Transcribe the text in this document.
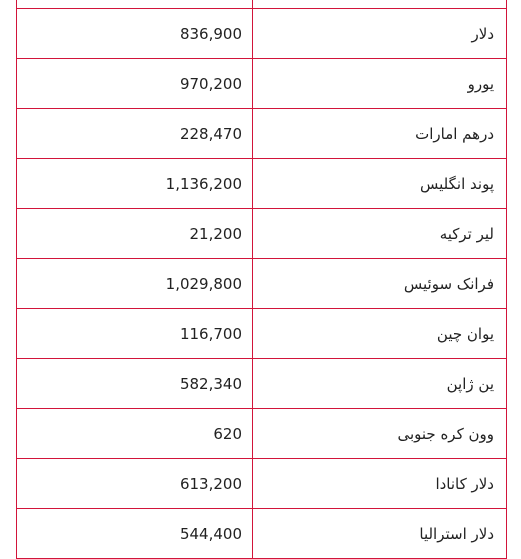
دلار	836,900
یورو	970,200
درهم امارات	228,470
پوند انگلیس	1,136,200
لیر ترکیه	21,200
فرانک سوئیس	1,029,800
یوان چین	116,700
ین ژاپن	582,340
وون کره جنوبی	620
دلار کانادا	613,200
دلار استرالیا	544,400
